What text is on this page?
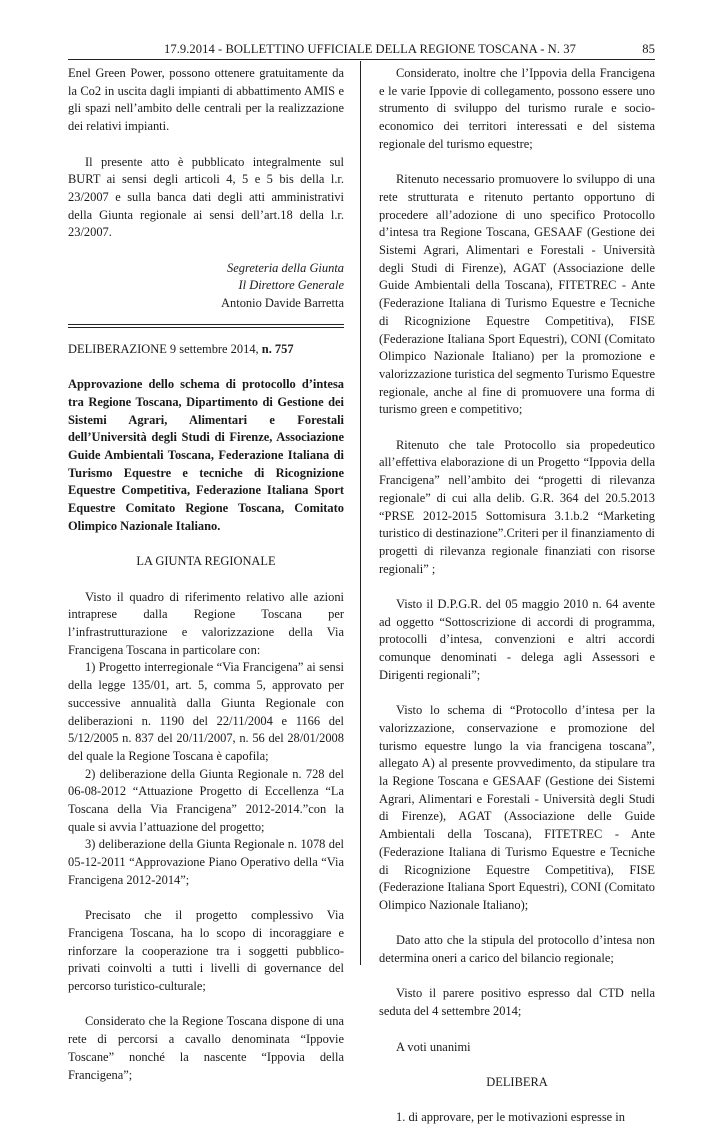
17.9.2014 - BOLLETTINO UFFICIALE DELLA REGIONE TOSCANA - N. 37	85

Enel Green Power, possono ottenere gratuitamente da la Co2 in uscita dagli impianti di abbattimento AMIS e gli spazi nell’ambito delle centrali per la realizzazione dei relativi impianti.

Il presente atto è pubblicato integralmente sul BURT ai sensi degli articoli 4, 5 e 5 bis della l.r. 23/2007 e sulla banca dati degli atti amministrativi della Giunta regionale ai sensi dell’art.18 della l.r. 23/2007.

Segreteria della Giunta

Il Direttore Generale

Antonio Davide Barretta

DELIBERAZIONE 9 settembre 2014, n. 757

Approvazione dello schema di protocollo d’intesa tra Regione Toscana, Dipartimento di Gestione dei Sistemi Agrari, Alimentari e Forestali dell’Università degli Studi di Firenze, Associazione Guide Ambientali Toscana, Federazione Italiana di Turismo Equestre e tecniche di Ricognizione Equestre Competitiva, Federazione Italiana Sport Equestre Comitato Regione Toscana, Comitato Olimpico Nazionale Italiano.

LA GIUNTA REGIONALE

Visto il quadro di riferimento relativo alle azioni intraprese dalla Regione Toscana per l’infrastrutturazione e valorizzazione della Via Francigena Toscana in particolare con:

1) Progetto interregionale “Via Francigena” ai sensi della legge 135/01, art. 5, comma 5, approvato per successive annualità dalla Giunta Regionale con deliberazioni n. 1190 del 22/11/2004 e 1166 del 5/12/2005 n. 837 del 20/11/2007, n. 56 del 28/01/2008 del quale la Regione Toscana è capofila;

2) deliberazione della Giunta Regionale n. 728 del 06-08-2012 “Attuazione Progetto di Eccellenza “La Toscana della Via Francigena” 2012-2014.”con la quale si avvia l’attuazione del progetto;

3) deliberazione della Giunta Regionale n. 1078 del 05-12-2011 “Approvazione Piano Operativo della “Via Francigena 2012-2014”;

Precisato che il progetto complessivo Via Francigena Toscana, ha lo scopo di incoraggiare e rinforzare la cooperazione tra i soggetti pubblico-privati coinvolti a tutti i livelli di governance del percorso turistico-culturale;

Considerato che la Regione Toscana dispone di una rete di percorsi a cavallo denominata “Ippovie Toscane” nonché la nascente “Ippovia della Francigena”;

Considerato, inoltre che l’Ippovia della Francigena e le varie Ippovie di collegamento, possono essere uno strumento di sviluppo del turismo rurale e socio-economico dei territori interessati e del sistema regionale del turismo equestre;

Ritenuto necessario promuovere lo sviluppo di una rete strutturata e ritenuto pertanto opportuno di procedere all’adozione di uno specifico Protocollo d’intesa tra Regione Toscana, GESAAF (Gestione dei Sistemi Agrari, Alimentari e Forestali - Università degli Studi di Firenze), AGAT (Associazione delle Guide Ambientali della Toscana), FITETREC - Ante (Federazione Italiana di Turismo Equestre e Tecniche di Ricognizione Equestre Competitiva), FISE (Federazione Italiana Sport Equestri), CONI (Comitato Olimpico Nazionale Italiano) per la promozione e valorizzazione turistica del segmento Turismo Equestre regionale, anche al fine di promuovere una forma di turismo green e competitivo;

Ritenuto che tale Protocollo sia propedeutico all’effettiva elaborazione di un Progetto “Ippovia della Francigena” nell’ambito dei “progetti di rilevanza regionale” di cui alla delib. G.R. 364 del 20.5.2013 “PRSE 2012-2015 Sottomisura 3.1.b.2 “Marketing turistico di destinazione”.Criteri per il finanziamento di progetti di rilevanza regionale finanziati con risorse regionali” ;

Visto il D.P.G.R. del 05 maggio 2010 n. 64 avente ad oggetto “Sottoscrizione di accordi di programma, protocolli d’intesa, convenzioni e altri accordi comunque denominati - delega agli Assessori e Dirigenti regionali”;

Visto lo schema di “Protocollo d’intesa per la valorizzazione, conservazione e promozione del turismo equestre lungo la via francigena toscana”, allegato A) al presente provvedimento, da stipulare tra la Regione Toscana e GESAAF (Gestione dei Sistemi Agrari, Alimentari e Forestali - Università degli Studi di Firenze), AGAT (Associazione delle Guide Ambientali della Toscana), FITETREC - Ante (Federazione Italiana di Turismo Equestre e Tecniche di Ricognizione Equestre Competitiva), FISE (Federazione Italiana Sport Equestri), CONI (Comitato Olimpico Nazionale Italiano);

Dato atto che la stipula del protocollo d’intesa non determina oneri a carico del bilancio regionale;

Visto il parere positivo espresso dal CTD nella seduta del 4 settembre 2014;

A voti unanimi

DELIBERA

1. di approvare, per le motivazioni espresse in
